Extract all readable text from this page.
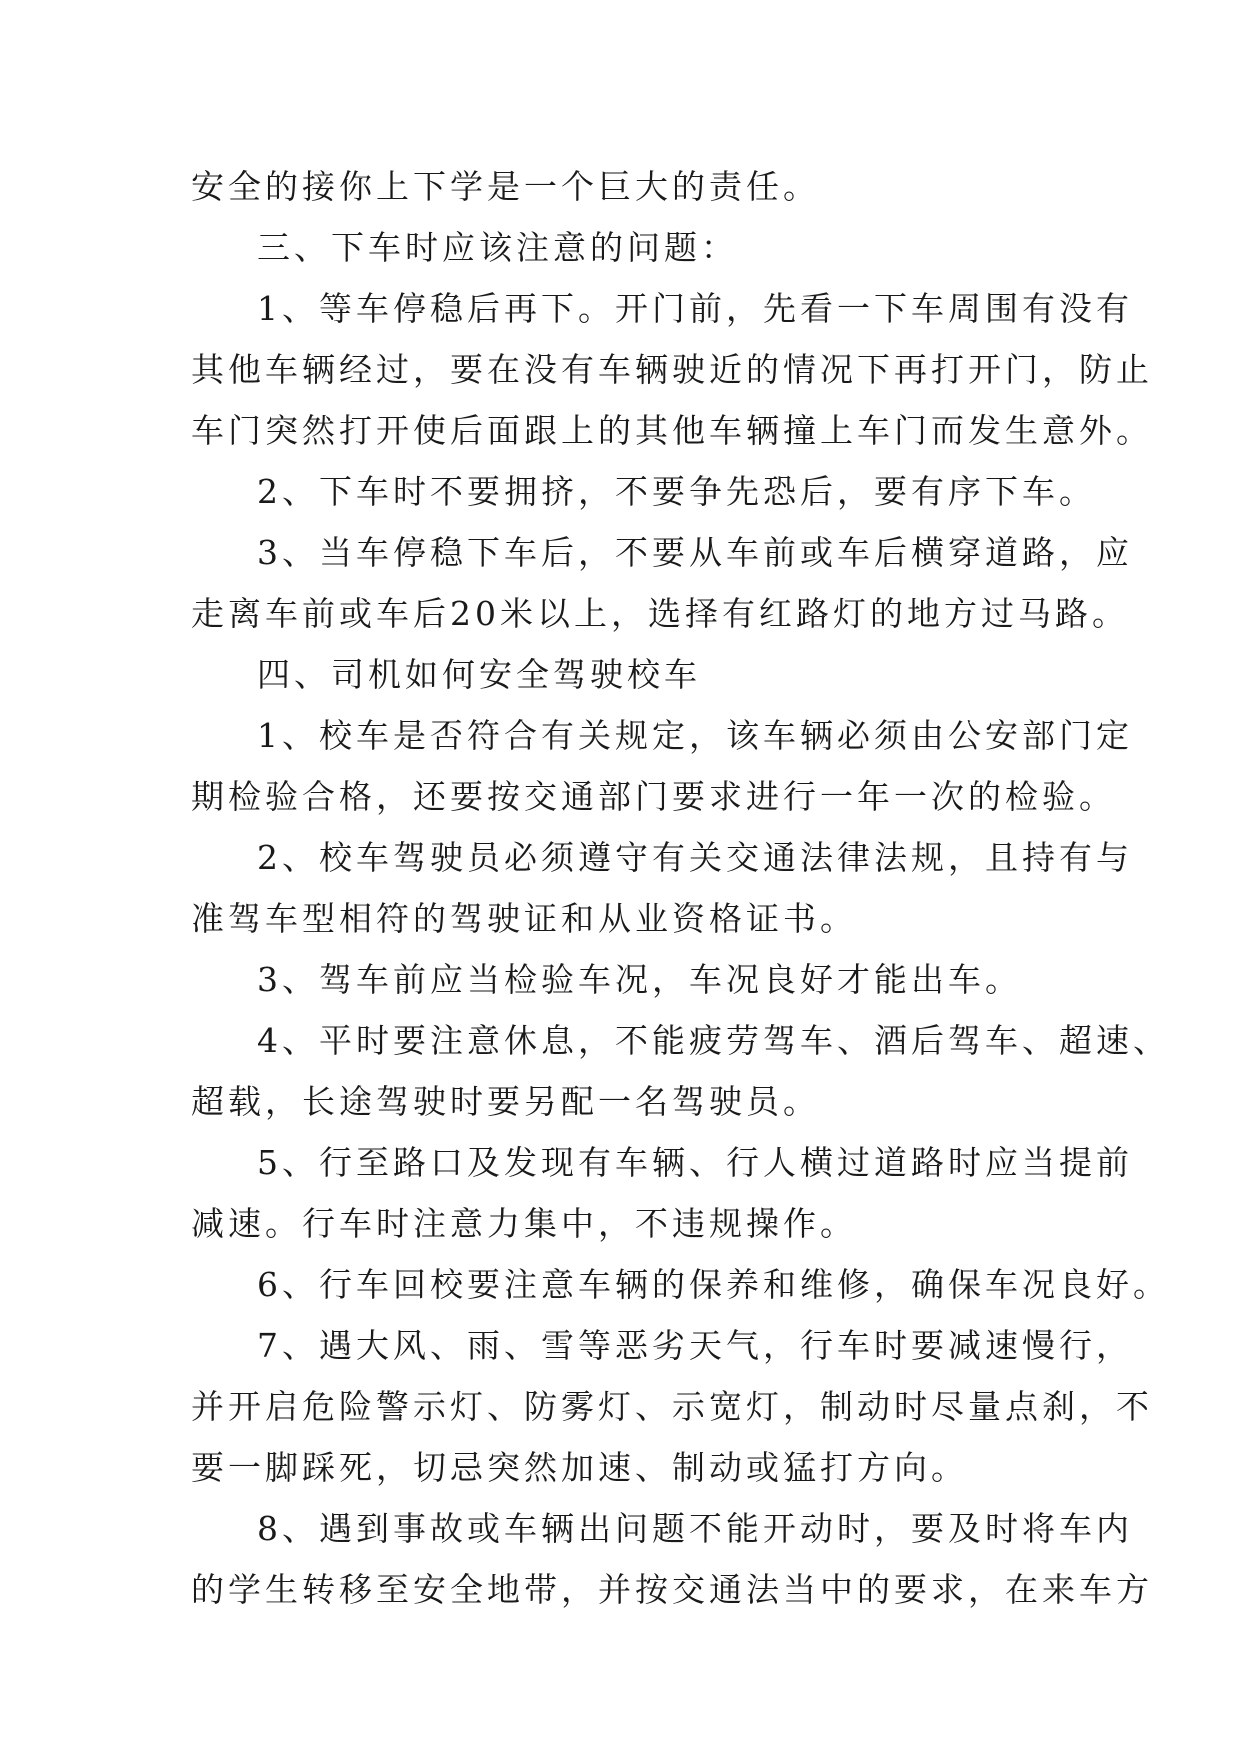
安全的接你上下学是一个巨大的责任。

三、下车时应该注意的问题：

1、等车停稳后再下。开门前，先看一下车周围有没有

其他车辆经过，要在没有车辆驶近的情况下再打开门，防止

车门突然打开使后面跟上的其他车辆撞上车门而发生意外。

2、下车时不要拥挤，不要争先恐后，要有序下车。

3、当车停稳下车后，不要从车前或车后横穿道路，应

走离车前或车后20米以上，选择有红路灯的地方过马路。

四、司机如何安全驾驶校车

1、校车是否符合有关规定，该车辆必须由公安部门定

期检验合格，还要按交通部门要求进行一年一次的检验。

2、校车驾驶员必须遵守有关交通法律法规，且持有与

准驾车型相符的驾驶证和从业资格证书。

3、驾车前应当检验车况，车况良好才能出车。

4、平时要注意休息，不能疲劳驾车、酒后驾车、超速、

超载，长途驾驶时要另配一名驾驶员。

5、行至路口及发现有车辆、行人横过道路时应当提前

减速。行车时注意力集中，不违规操作。

6、行车回校要注意车辆的保养和维修，确保车况良好。

7、遇大风、雨、雪等恶劣天气，行车时要减速慢行，

并开启危险警示灯、防雾灯、示宽灯，制动时尽量点刹，不

要一脚踩死，切忌突然加速、制动或猛打方向。

8、遇到事故或车辆出问题不能开动时，要及时将车内

的学生转移至安全地带，并按交通法当中的要求，在来车方
